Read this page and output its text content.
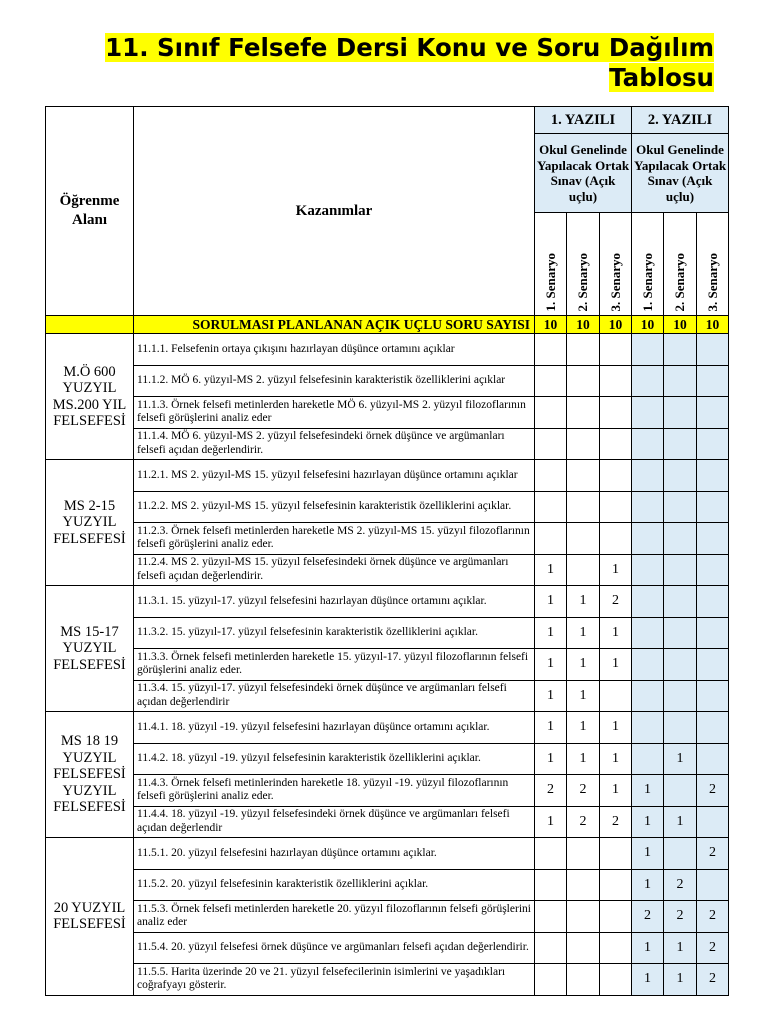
11. Sınıf Felsefe Dersi Konu ve Soru Dağılım Tablosu
Öğrenme Alanı	Kazanımlar	1. YAZILI			2. YAZILI		
		Okul Genelinde Yapılacak Ortak Sınav (Açık uçlu)			Okul Genelinde Yapılacak Ortak Sınav (Açık uçlu)		
		1. Senaryo	2. Senaryo	3. Senaryo	1. Senaryo	2. Senaryo	3. Senaryo
	SORULMASI PLANLANAN AÇIK UÇLU SORU SAYISI	10	10	10	10	10	10
M.Ö 600 YUZYIL MS.200 YIL FELSEFESİ	11.1.1. Felsefenin ortaya çıkışını hazırlayan düşünce ortamını açıklar						
	11.1.2. MÖ 6. yüzyıl-MS 2. yüzyıl felsefesinin karakteristik özelliklerini açıklar						
	11.1.3. Örnek felsefi metinlerden hareketle MÖ 6. yüzyıl-MS 2. yüzyıl filozoflarının felsefi görüşlerini analiz eder						
	11.1.4. MÖ 6. yüzyıl-MS 2. yüzyıl felsefesindeki örnek düşünce ve argümanları felsefi açıdan değerlendirir.						
MS 2-15 YUZYIL FELSEFESİ	11.2.1. MS 2. yüzyıl-MS 15. yüzyıl felsefesini hazırlayan düşünce ortamını açıklar						
	11.2.2. MS 2. yüzyıl-MS 15. yüzyıl felsefesinin karakteristik özelliklerini açıklar.						
	11.2.3. Örnek felsefi metinlerden hareketle MS 2. yüzyıl-MS 15. yüzyıl filozoflarının felsefi görüşlerini analiz eder.						
	11.2.4. MS 2. yüzyıl-MS 15. yüzyıl felsefesindeki örnek düşünce ve argümanları felsefi açıdan değerlendirir.	1		1			
MS 15-17 YUZYIL FELSEFESİ	11.3.1. 15. yüzyıl-17. yüzyıl felsefesini hazırlayan düşünce ortamını açıklar.	1	1	2			
	11.3.2. 15. yüzyıl-17. yüzyıl felsefesinin karakteristik özelliklerini açıklar.	1	1	1			
	11.3.3. Örnek felsefi metinlerden hareketle 15. yüzyıl-17. yüzyıl filozoflarının felsefi görüşlerini analiz eder.	1	1	1			
	11.3.4. 15. yüzyıl-17. yüzyıl felsefesindeki örnek düşünce ve argümanları felsefi açıdan değerlendirir	1	1				
MS 18 19 YUZYIL FELSEFESİ YUZYIL FELSEFESİ	11.4.1. 18. yüzyıl -19. yüzyıl felsefesini hazırlayan düşünce ortamını açıklar.	1	1	1			
	11.4.2. 18. yüzyıl -19. yüzyıl felsefesinin karakteristik özelliklerini açıklar.	1	1	1		1	
	11.4.3. Örnek felsefi metinlerinden hareketle 18. yüzyıl -19. yüzyıl filozoflarının felsefi görüşlerini analiz eder.	2	2	1	1		2
	11.4.4. 18. yüzyıl -19. yüzyıl felsefesindeki örnek düşünce ve argümanları felsefi açıdan değerlendir	1	2	2	1	1	
20 YUZYIL FELSEFESİ	11.5.1. 20. yüzyıl felsefesini hazırlayan düşünce ortamını açıklar.				1		2
	11.5.2. 20. yüzyıl felsefesinin karakteristik özelliklerini açıklar.				1	2	
	11.5.3. Örnek felsefi metinlerden hareketle 20. yüzyıl filozoflarının felsefi görüşlerini analiz eder				2	2	2
	11.5.4. 20. yüzyıl felsefesi örnek düşünce ve argümanları felsefi açıdan değerlendirir.				1	1	2
	11.5.5. Harita üzerinde 20 ve 21. yüzyıl felsefecilerinin isimlerini ve yaşadıkları coğrafyayı gösterir.				1	1	2
